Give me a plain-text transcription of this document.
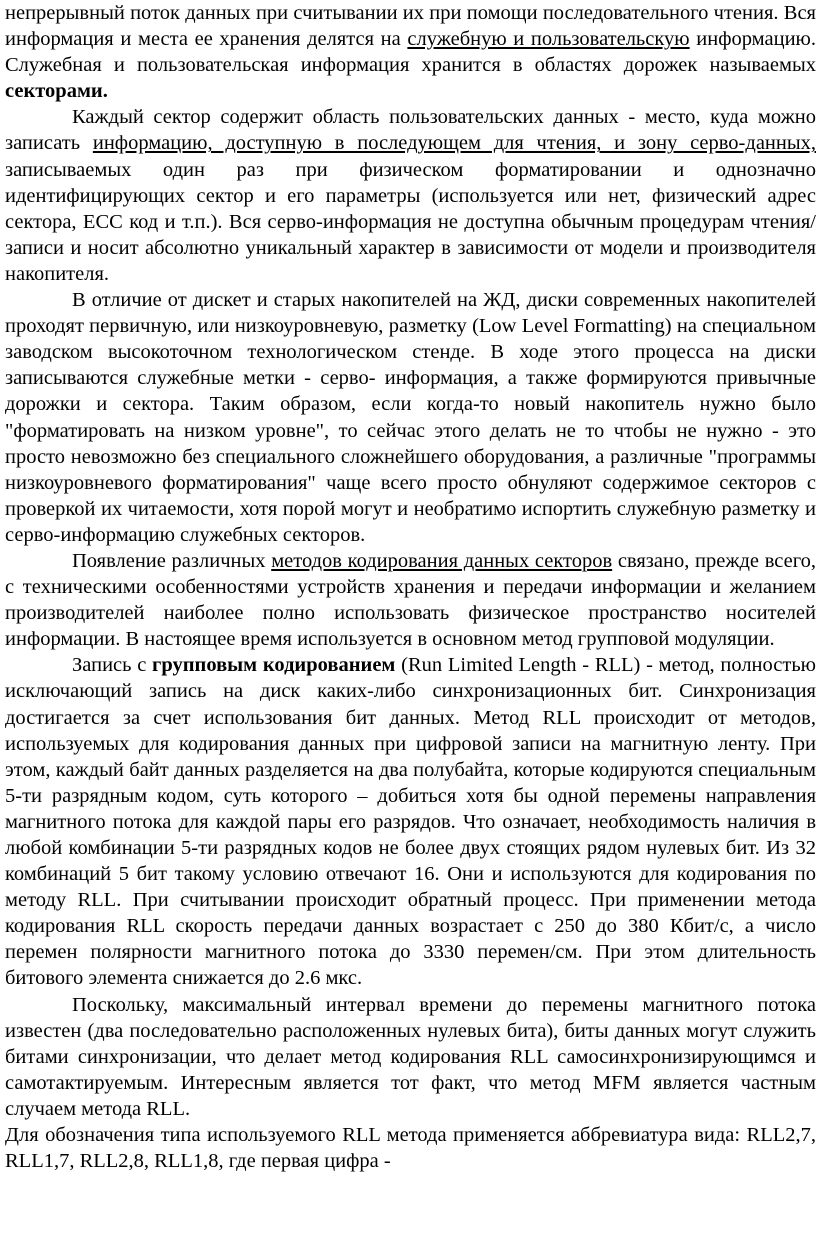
непрерывный поток данных при считывании их при помощи последовательного чтения. Вся информация и места ее хранения делятся на служебную и пользовательскую информацию. Служебная и пользовательская информация хранится в областях дорожек называемых секторами.

Каждый сектор содержит область пользовательских данных - место, куда можно записать информацию, доступную в последующем для чтения, и зону серво-данных, записываемых один раз при физическом форматировании и однозначно идентифицирующих сектор и его параметры (используется или нет, физический адрес сектора, ECC код и т.п.). Вся серво-информация не доступна обычным процедурам чтения/записи и носит абсолютно уникальный характер в зависимости от модели и производителя накопителя.

В отличие от дискет и старых накопителей на ЖД, диски современных накопителей проходят первичную, или низкоуровневую, разметку (Low Level Formatting) на специальном заводском высокоточном технологическом стенде. В ходе этого процесса на диски записываются служебные метки - серво- информация, а также формируются привычные дорожки и сектора. Таким образом, если когда-то новый накопитель нужно было "форматировать на низком уровне", то сейчас этого делать не то чтобы не нужно - это просто невозможно без специального сложнейшего оборудования, а различные "программы низкоуровневого форматирования" чаще всего просто обнуляют содержимое секторов с проверкой их читаемости, хотя порой могут и необратимо испортить служебную разметку и серво-информацию служебных секторов.

Появление различных методов кодирования данных секторов связано, прежде всего, с техническими особенностями устройств хранения и передачи информации и желанием производителей наиболее полно использовать физическое пространство носителей информации. В настоящее время используется в основном метод групповой модуляции.

Запись с групповым кодированием (Run Limited Length - RLL) - метод, полностью исключающий запись на диск каких-либо синхронизационных бит. Синхронизация достигается за счет использования бит данных. Метод RLL происходит от методов, используемых для кодирования данных при цифровой записи на магнитную ленту. При этом, каждый байт данных разделяется на два полубайта, которые кодируются специальным 5-ти разрядным кодом, суть которого – добиться хотя бы одной перемены направления магнитного потока для каждой пары его разрядов. Что означает, необходимость наличия в любой комбинации 5-ти разрядных кодов не более двух стоящих рядом нулевых бит. Из 32 комбинаций 5 бит такому условию отвечают 16. Они и используются для кодирования по методу RLL. При считывании происходит обратный процесс. При применении метода кодирования RLL скорость передачи данных возрастает с 250 до 380 Кбит/с, а число перемен полярности магнитного потока до 3330 перемен/см. При этом длительность битового элемента снижается до 2.6 мкс.

Поскольку, максимальный интервал времени до перемены магнитного потока известен (два последовательно расположенных нулевых бита), биты данных могут служить битами синхронизации, что делает метод кодирования RLL самосинхронизирующимся и самотактируемым. Интересным является тот факт, что метод MFM является частным случаем метода RLL.

Для обозначения типа используемого RLL метода применяется аббревиатура вида: RLL2,7, RLL1,7, RLL2,8, RLL1,8, где первая цифра -
